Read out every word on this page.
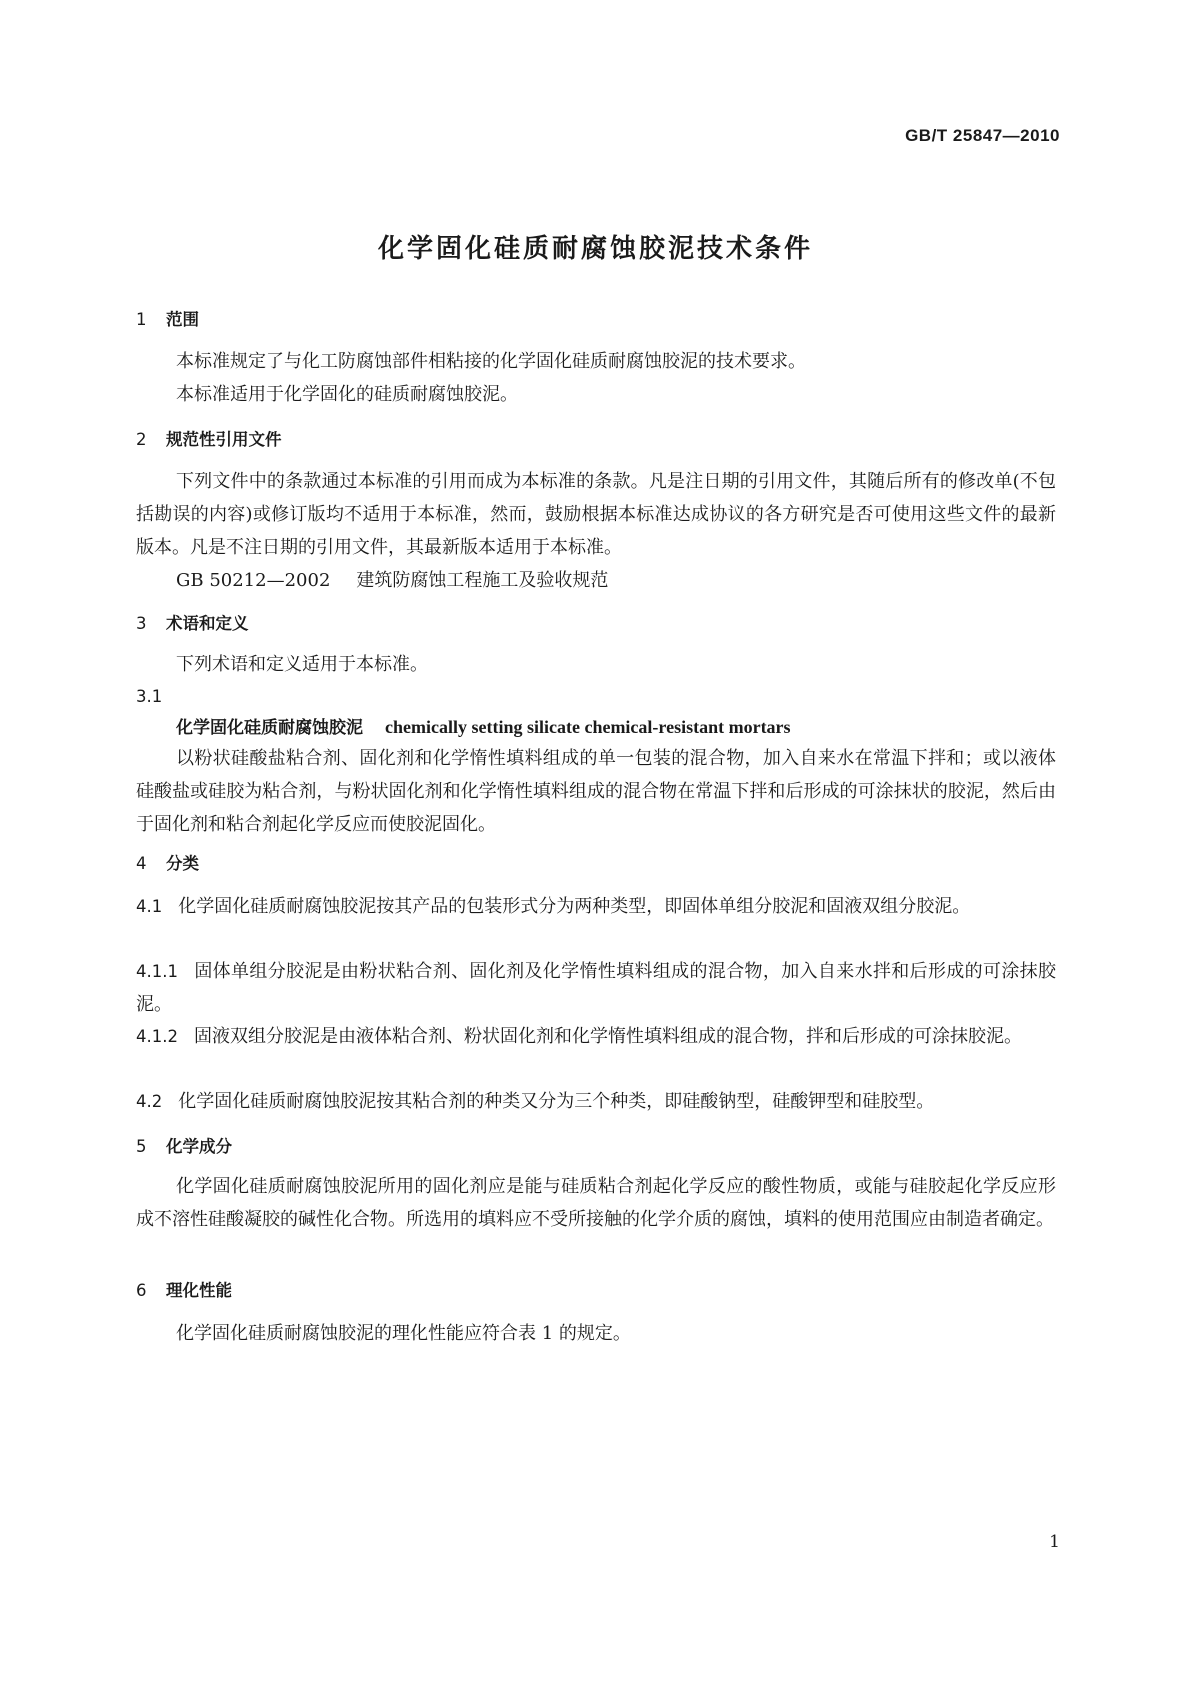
GB/T 25847—2010
化学固化硅质耐腐蚀胶泥技术条件
1 范围
本标准规定了与化工防腐蚀部件相粘接的化学固化硅质耐腐蚀胶泥的技术要求。
本标准适用于化学固化的硅质耐腐蚀胶泥。
2 规范性引用文件
下列文件中的条款通过本标准的引用而成为本标准的条款。凡是注日期的引用文件，其随后所有的修改单(不包括勘误的内容)或修订版均不适用于本标准，然而，鼓励根据本标准达成协议的各方研究是否可使用这些文件的最新版本。凡是不注日期的引用文件，其最新版本适用于本标准。
GB 50212—2002 建筑防腐蚀工程施工及验收规范
3 术语和定义
下列术语和定义适用于本标准。
3.1
化学固化硅质耐腐蚀胶泥 chemically setting silicate chemical-resistant mortars
以粉状硅酸盐粘合剂、固化剂和化学惰性填料组成的单一包装的混合物，加入自来水在常温下拌和；或以液体硅酸盐或硅胶为粘合剂，与粉状固化剂和化学惰性填料组成的混合物在常温下拌和后形成的可涂抹状的胶泥，然后由于固化剂和粘合剂起化学反应而使胶泥固化。
4 分类
4.1 化学固化硅质耐腐蚀胶泥按其产品的包装形式分为两种类型，即固体单组分胶泥和固液双组分胶泥。
4.1.1 固体单组分胶泥是由粉状粘合剂、固化剂及化学惰性填料组成的混合物，加入自来水拌和后形成的可涂抹胶泥。
4.1.2 固液双组分胶泥是由液体粘合剂、粉状固化剂和化学惰性填料组成的混合物，拌和后形成的可涂抹胶泥。
4.2 化学固化硅质耐腐蚀胶泥按其粘合剂的种类又分为三个种类，即硅酸钠型，硅酸钾型和硅胶型。
5 化学成分
化学固化硅质耐腐蚀胶泥所用的固化剂应是能与硅质粘合剂起化学反应的酸性物质，或能与硅胶起化学反应形成不溶性硅酸凝胶的碱性化合物。所选用的填料应不受所接触的化学介质的腐蚀，填料的使用范围应由制造者确定。
6 理化性能
化学固化硅质耐腐蚀胶泥的理化性能应符合表 1 的规定。
1
